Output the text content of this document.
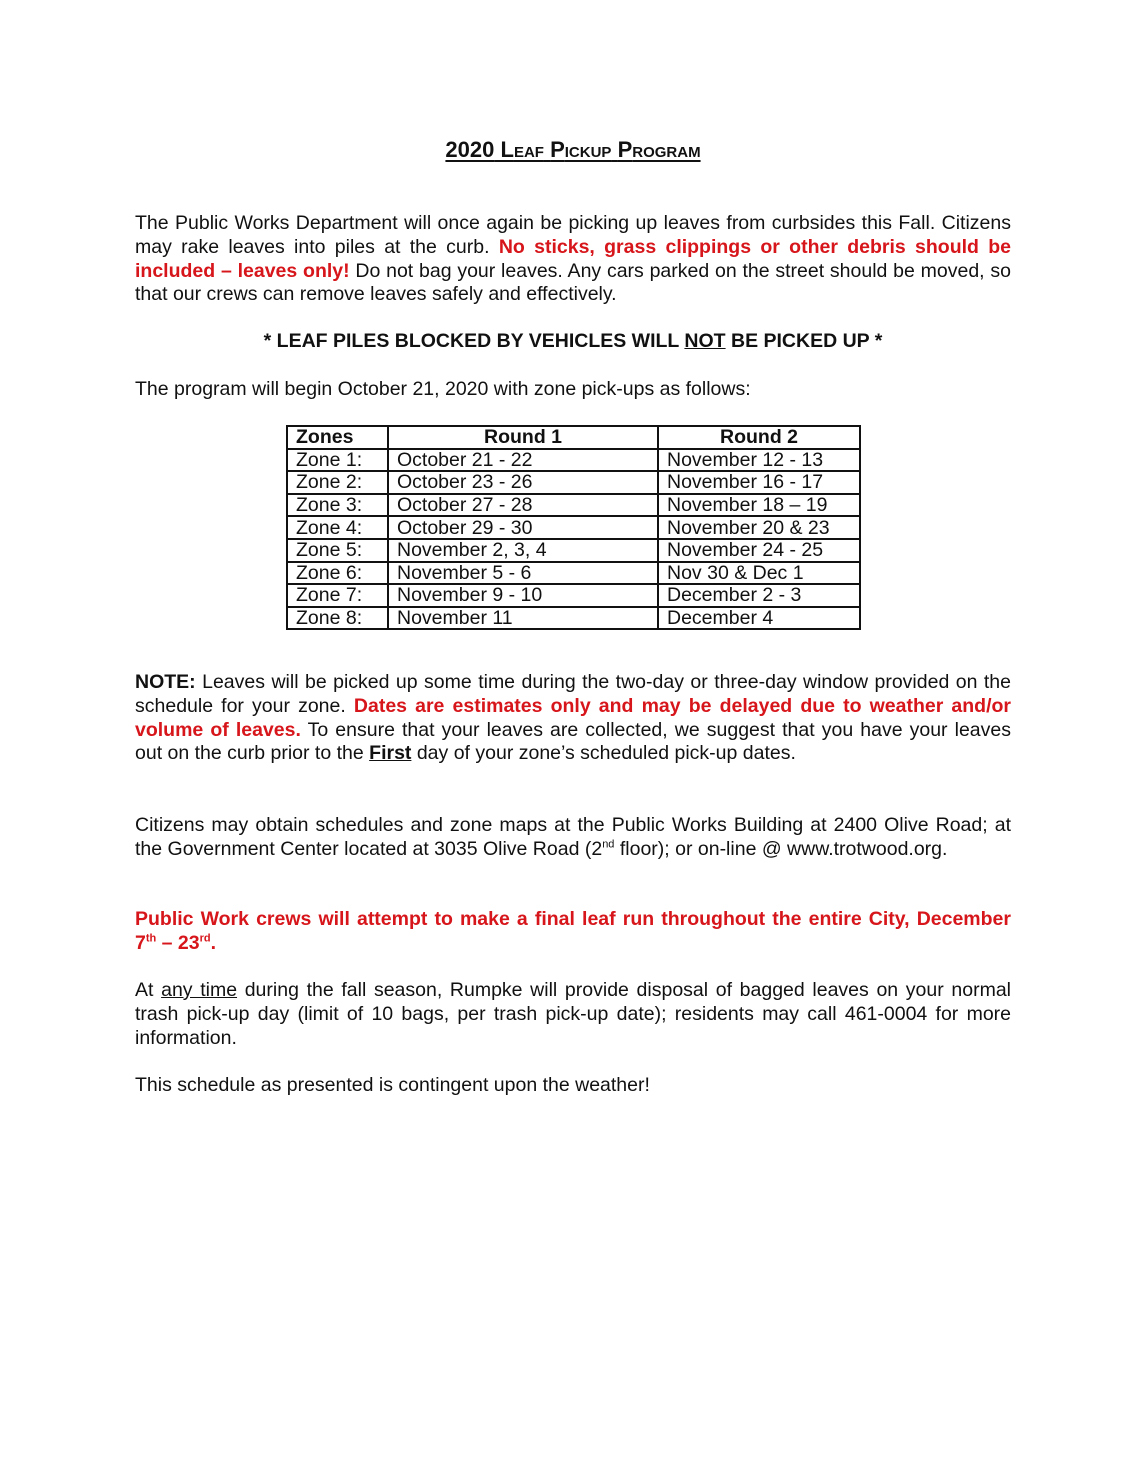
2020 Leaf Pickup Program
The Public Works Department will once again be picking up leaves from curbsides this Fall. Citizens may rake leaves into piles at the curb. No sticks, grass clippings or other debris should be included – leaves only! Do not bag your leaves. Any cars parked on the street should be moved, so that our crews can remove leaves safely and effectively.
* LEAF PILES BLOCKED BY VEHICLES WILL NOT BE PICKED UP *
The program will begin October 21, 2020 with zone pick-ups as follows:
Zones	Round 1	Round 2
Zone 1:	October 21 - 22	November 12 - 13
Zone 2:	October 23 - 26	November 16 - 17
Zone 3:	October 27 - 28	November 18 – 19
Zone 4:	October 29 - 30	November 20 & 23
Zone 5:	November 2, 3, 4	November 24 - 25
Zone 6:	November 5 - 6	Nov 30 & Dec 1
Zone 7:	November 9 - 10	December 2 - 3
Zone 8:	November 11	December 4
NOTE: Leaves will be picked up some time during the two-day or three-day window provided on the schedule for your zone. Dates are estimates only and may be delayed due to weather and/or volume of leaves. To ensure that your leaves are collected, we suggest that you have your leaves out on the curb prior to the First day of your zone’s scheduled pick-up dates.
Citizens may obtain schedules and zone maps at the Public Works Building at 2400 Olive Road; at the Government Center located at 3035 Olive Road (2nd floor); or on-line @ www.trotwood.org.
Public Work crews will attempt to make a final leaf run throughout the entire City, December 7th – 23rd.
At any time during the fall season, Rumpke will provide disposal of bagged leaves on your normal trash pick-up day (limit of 10 bags, per trash pick-up date); residents may call 461-0004 for more information.
This schedule as presented is contingent upon the weather!
